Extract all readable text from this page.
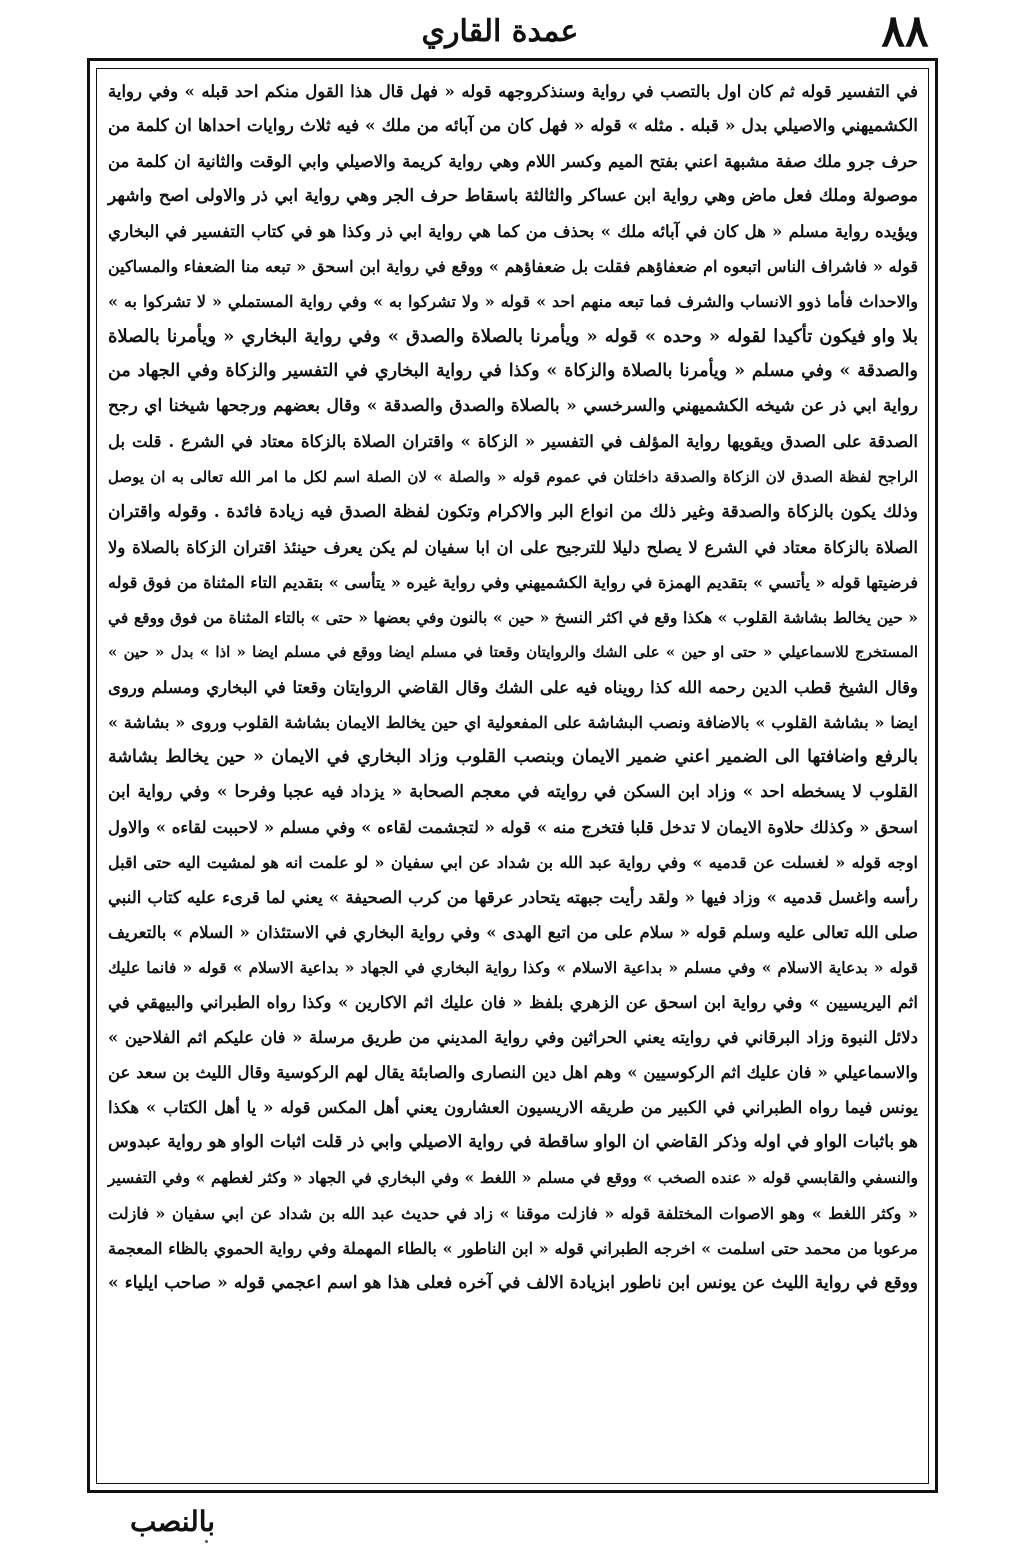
٨٨
عمدة القاري
في التفسير قوله ثم كان اول بالتصب في رواية وسنذكروجهه قوله « فهل قال هذا القول منكم احد قبله » وفي رواية
الكشميهني والاصيلي بدل « قبله . مثله » قوله « فهل كان من آبائه من ملك » فيه ثلاث روايات احداها ان كلمة من
حرف جرو ملك صفة مشبهة اعني بفتح الميم وكسر اللام وهي رواية كريمة والاصيلي وابي الوقت والثانية ان كلمة من
موصولة وملك فعل ماض وهي رواية ابن عساكر والثالثة باسقاط حرف الجر وهي رواية ابي ذر والاولى اصح واشهر
ويؤيده رواية مسلم « هل كان في آبائه ملك » بحذف من كما هي رواية ابي ذر وكذا هو في كتاب التفسير في البخاري
قوله « فاشراف الناس اتبعوه ام ضعفاؤهم فقلت بل ضعفاؤهم » ووقع في رواية ابن اسحق « تبعه منا الضعفاء والمساكين
والاحداث فأما ذوو الانساب والشرف فما تبعه منهم احد » قوله « ولا تشركوا به » وفي رواية المستملي « لا تشركوا به »
بلا واو فيكون تأكيدا لقوله « وحده » قوله « ويأمرنا بالصلاة والصدق » وفي رواية البخاري « ويأمرنا بالصلاة
والصدقة » وفي مسلم « ويأمرنا بالصلاة والزكاة » وكذا في رواية البخاري في التفسير والزكاة وفي الجهاد من
رواية ابي ذر عن شيخه الكشميهني والسرخسي « بالصلاة والصدق والصدقة » وقال بعضهم ورجحها شيخنا اي رجح
الصدقة على الصدق ويقويها رواية المؤلف في التفسير « الزكاة » واقتران الصلاة بالزكاة معتاد في الشرع . قلت بل
الراجح لفظة الصدق لان الزكاة والصدقة داخلتان في عموم قوله « والصلة » لان الصلة اسم لكل ما امر الله تعالى به ان يوصل
وذلك يكون بالزكاة والصدقة وغير ذلك من انواع البر والاكرام وتكون لفظة الصدق فيه زيادة فائدة . وقوله واقتران
الصلاة بالزكاة معتاد في الشرع لا يصلح دليلا للترجيح على ان ابا سفيان لم يكن يعرف حينئذ اقتران الزكاة بالصلاة ولا
فرضيتها قوله « يأتسي » بتقديم الهمزة في رواية الكشميهني وفي رواية غيره « يتأسى » بتقديم التاء المثناة من فوق قوله
« حين يخالط بشاشة القلوب » هكذا وقع في اكثر النسخ « حين » بالنون وفي بعضها « حتى » بالتاء المثناة من فوق ووقع في
المستخرج للاسماعيلي « حتى او حين » على الشك والروايتان وقعتا في مسلم ايضا ووقع في مسلم ايضا « اذا » بدل « حين »
وقال الشيخ قطب الدين رحمه الله كذا رويناه فيه على الشك وقال القاضي الروايتان وقعتا في البخاري ومسلم وروى
ايضا « بشاشة القلوب » بالاضافة ونصب البشاشة على المفعولية اي حين يخالط الايمان بشاشة القلوب وروى « بشاشة »
بالرفع واضافتها الى الضمير اعني ضمير الايمان وبنصب القلوب وزاد البخاري في الايمان « حين يخالط بشاشة
القلوب لا يسخطه احد » وزاد ابن السكن في روايته في معجم الصحابة « يزداد فيه عجبا وفرحا » وفي رواية ابن
اسحق « وكذلك حلاوة الايمان لا تدخل قلبا فتخرج منه » قوله « لتجشمت لقاءه » وفي مسلم « لاحببت لقاءه » والاول
اوجه قوله « لغسلت عن قدميه » وفي رواية عبد الله بن شداد عن ابي سفيان « لو علمت انه هو لمشيت اليه حتى اقبل
رأسه واغسل قدميه » وزاد فيها « ولقد رأيت جبهته يتحادر عرقها من كرب الصحيفة » يعني لما قرىء عليه كتاب النبي
صلى الله تعالى عليه وسلم قوله « سلام على من اتبع الهدى » وفي رواية البخاري في الاستئذان « السلام » بالتعريف
قوله « بدعاية الاسلام » وفي مسلم « بداعية الاسلام » وكذا رواية البخاري في الجهاد « بداعية الاسلام » قوله « فانما عليك
اثم اليريسيين » وفي رواية ابن اسحق عن الزهري بلفظ « فان عليك اثم الاكارين » وكذا رواه الطبراني والبيهقي في
دلائل النبوة وزاد البرقاني في روايته يعني الحراثين وفي رواية المديني من طريق مرسلة « فان عليكم اثم الفلاحين »
والاسماعيلي « فان عليك اثم الركوسيين » وهم اهل دين النصارى والصابئة يقال لهم الركوسية وقال الليث بن سعد عن
يونس فيما رواه الطبراني في الكبير من طريقه الاريسيون العشارون يعني أهل المكس قوله « يا أهل الكتاب » هكذا
هو باثبات الواو في اوله وذكر القاضي ان الواو ساقطة في رواية الاصيلي وابي ذر قلت اثبات الواو هو رواية عبدوس
والنسفي والقابسي قوله « عنده الصخب » ووقع في مسلم « اللغط » وفي البخاري في الجهاد « وكثر لغطهم » وفي التفسير
« وكثر اللغط » وهو الاصوات المختلفة قوله « فازلت موقنا » زاد في حديث عبد الله بن شداد عن ابي سفيان « فازلت
مرعوبا من محمد حتى اسلمت » اخرجه الطبراني قوله « ابن الناطور » بالطاء المهملة وفي رواية الحموي بالظاء المعجمة
ووقع في رواية الليث عن يونس ابن ناطور ابزيادة الالف في آخره فعلى هذا هو اسم اعجمي قوله « صاحب ايلياء »
بالنصب
